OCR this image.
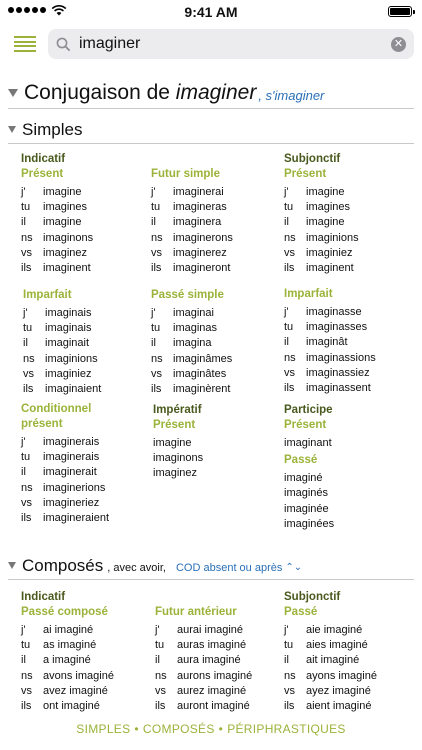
9:41 AM
imaginer
✕
Conjugaison de imaginer , s'imaginer
Simples
Indicatif
Présent
j'	imagine
tu	imagines
il	imagine
ns imaginons
vs	imaginez
ils	imaginent
Futur simple
j'	imaginerai
tu	imagineras
il	imaginera
ns imaginerons
vs	imaginerez
ils	imagineront
Subjonctif
Présent
j'	imagine
tu	imagines
il	imagine
ns imaginions
vs	imaginiez
ils	imaginent
Imparfait
j'	imaginais
tu	imaginais
il	imaginait
ns imaginions
vs	imaginiez
ils	imaginaient
Passé simple
j'	imaginai
tu	imaginas
il	imagina
ns imaginâmes
vs	imaginâtes
ils	imaginèrent
Imparfait
j'	imaginasse
tu	imaginasses
il	imaginât
ns imaginassions
vs	imaginassiez
ils	imaginassent
Conditionnel
présent
j'	imaginerais
tu	imaginerais
il	imaginerait
ns imaginerions
vs	imagineriez
ils	imagineraient
Impératif
Présent
imagine
imaginons
imaginez
Participe
Présent
imaginant
Passé
imaginé
imaginés
imaginée
imaginées
Composés , avec avoir, COD absent ou après ⌃⌄
Indicatif
Passé composé
j'	ai imaginé
tu	as imaginé
il	a imaginé
ns avons imaginé
vs	avez imaginé
ils	ont imaginé
Futur antérieur
j'	aurai imaginé
tu	auras imaginé
il	aura imaginé
ns aurons imaginé
vs	aurez imaginé
ils	auront imaginé
Subjonctif
Passé
j'	aie imaginé
tu	aies imaginé
il	ait imaginé
ns ayons imaginé
vs	ayez imaginé
ils	aient imaginé
SIMPLES • COMPOSÉS • PÉRIPHRASTIQUES
